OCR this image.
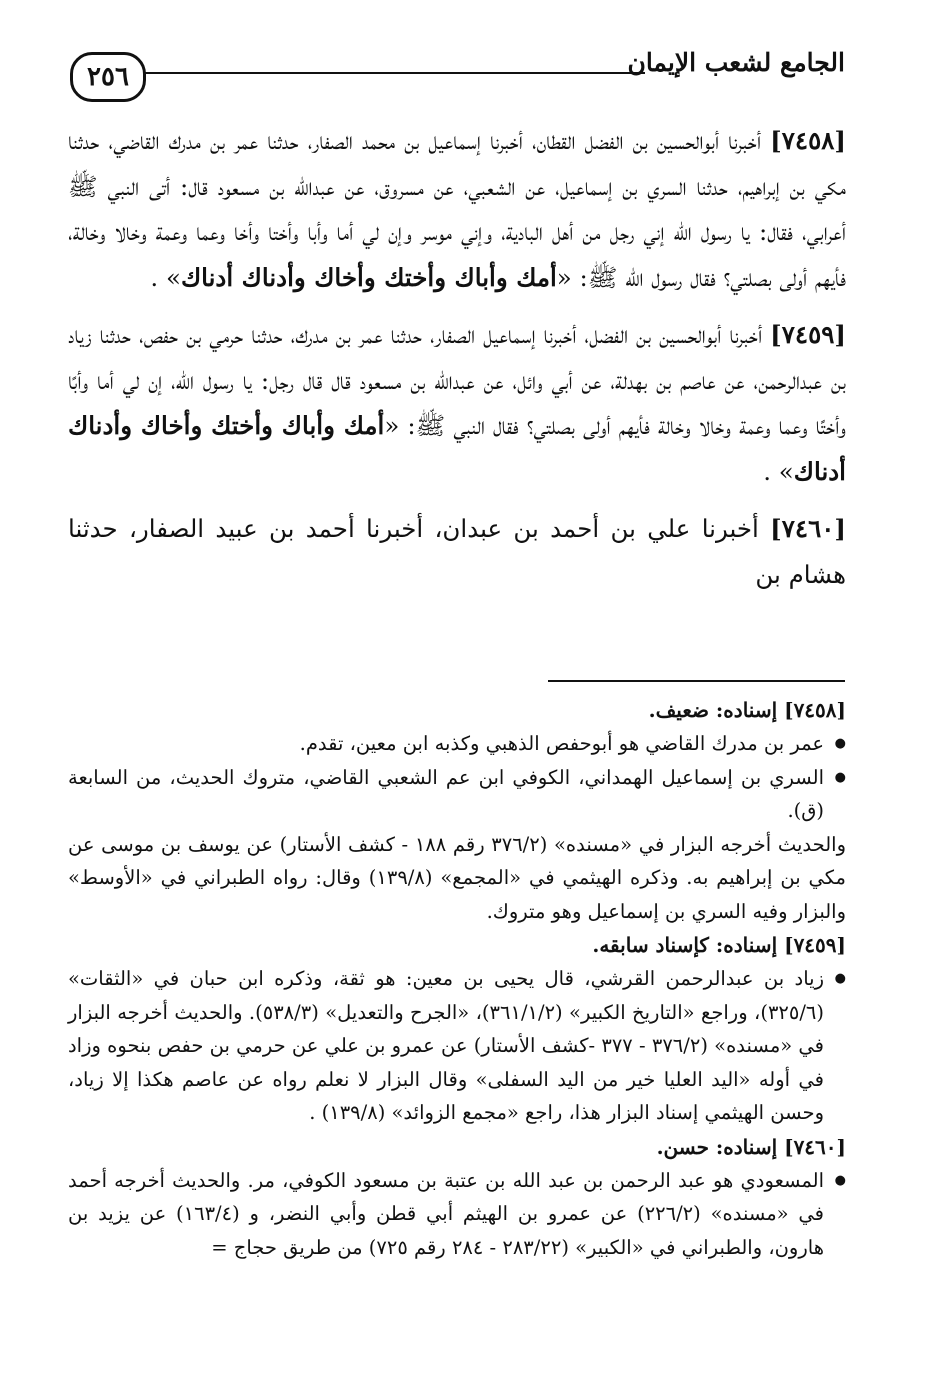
٢٥٦	الجامع لشعب الإيمان

[٧٤٥٨] أخبرنا أبوالحسين بن الفضل القطان، أخبرنا إسماعيل بن محمد الصفار، حدثنا عمر بن مدرك القاضي، حدثنا مكي بن إبراهيم، حدثنا السري بن إسماعيل، عن الشعبي، عن مسروق، عن عبدالله بن مسعود قال: أتى النبي ﷺ أعرابي، فقال: يا رسول الله إني رجل من أهل البادية، وإني موسر وإن لي أما وأبا وأختا وأخا وعما وعمة وخالا وخالة، فأيهم أولى بصلتي؟ فقال رسول الله ﷺ: «أمك وأباك وأختك وأخاك وأدناك أدناك» .

[٧٤٥٩] أخبرنا أبوالحسين بن الفضل، أخبرنا إسماعيل الصفار، حدثنا عمر بن مدرك، حدثنا حرمي بن حفص، حدثنا زياد بن عبدالرحمن، عن عاصم بن بهدلة، عن أبي وائل، عن عبدالله بن مسعود قال قال رجل: يا رسول الله، إن لي أما وأبًا وأختًا وعما وعمة وخالا وخالة فأيهم أولى بصلتي؟ فقال النبي ﷺ: «أمك وأباك وأختك وأخاك وأدناك أدناك» .

[٧٤٦٠] أخبرنا علي بن أحمد بن عبدان، أخبرنا أحمد بن عبيد الصفار، حدثنا هشام بن

[٧٤٥٨] إسناده: ضعيف.

● عمر بن مدرك القاضي هو أبوحفص الذهبي وكذبه ابن معين، تقدم.

● السري بن إسماعيل الهمداني، الكوفي ابن عم الشعبي القاضي، متروك الحديث، من السابعة (ق).

والحديث أخرجه البزار في «مسنده» (٣٧٦/٢ رقم ١٨٨ - كشف الأستار) عن يوسف بن موسى عن مكي بن إبراهيم به. وذكره الهيثمي في «المجمع» (١٣٩/٨) وقال: رواه الطبراني في «الأوسط» والبزار وفيه السري بن إسماعيل وهو متروك.

[٧٤٥٩] إسناده: كإسناد سابقه.

● زياد بن عبدالرحمن القرشي، قال يحيى بن معين: هو ثقة، وذكره ابن حبان في «الثقات» (٣٢٥/٦)، وراجع «التاريخ الكبير» (٣٦١/١/٢)، «الجرح والتعديل» (٥٣٨/٣). والحديث أخرجه البزار في «مسنده» (٣٧٦/٢ - ٣٧٧ -كشف الأستار) عن عمرو بن علي عن حرمي بن حفص بنحوه وزاد في أوله «اليد العليا خير من اليد السفلى» وقال البزار لا نعلم رواه عن عاصم هكذا إلا زياد، وحسن الهيثمي إسناد البزار هذا، راجع «مجمع الزوائد» (١٣٩/٨) .

[٧٤٦٠] إسناده: حسن.

● المسعودي هو عبد الرحمن بن عبد الله بن عتبة بن مسعود الكوفي، مر. والحديث أخرجه أحمد في «مسنده» (٢٢٦/٢) عن عمرو بن الهيثم أبي قطن وأبي النضر، و (١٦٣/٤) عن يزيد بن هارون، والطبراني في «الكبير» (٢٨٣/٢٢ - ٢٨٤ رقم ٧٢٥) من طريق حجاج =
